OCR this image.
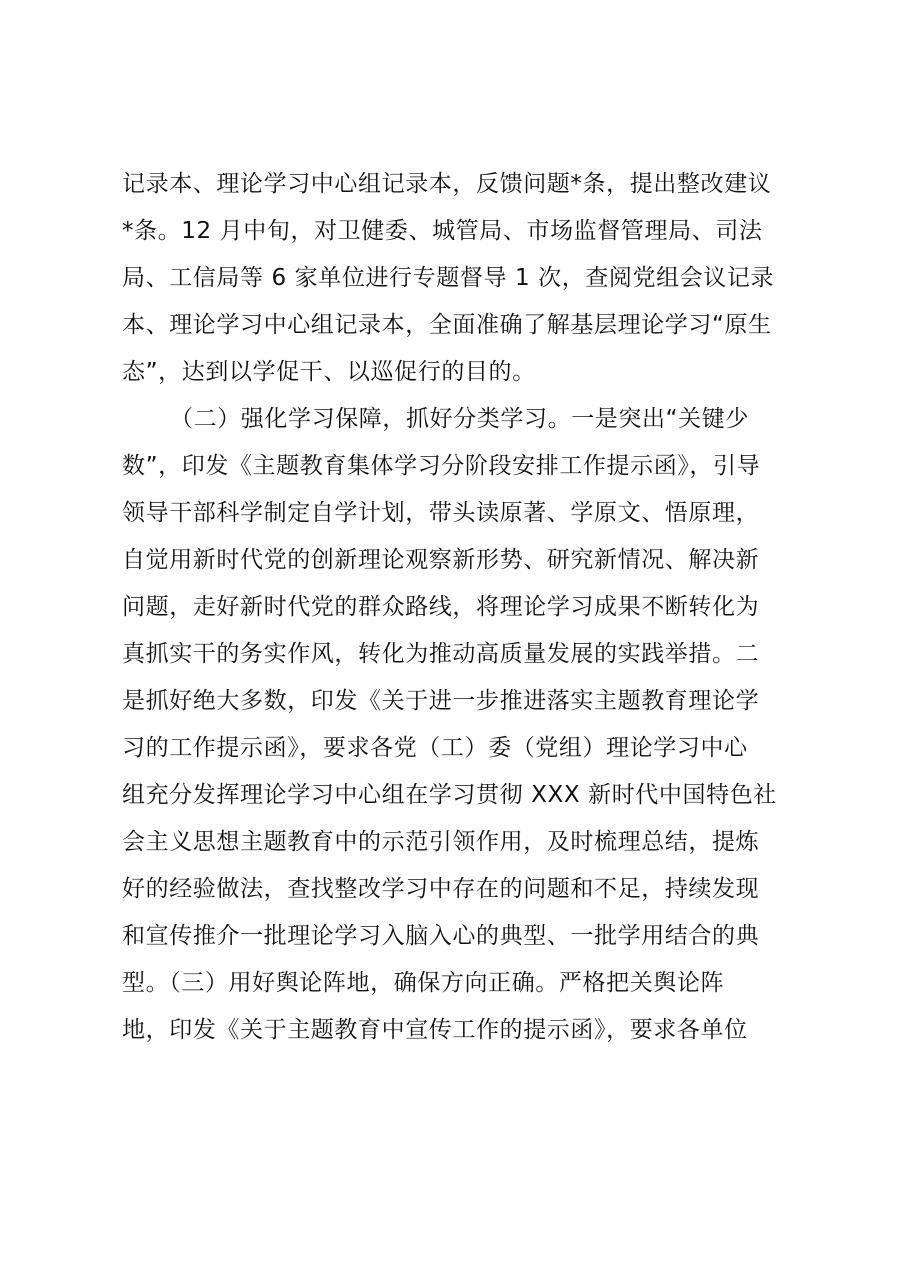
记录本、理论学习中心组记录本，反馈问题*条，提出整改建议
*条。12 月中旬，对卫健委、城管局、市场监督管理局、司法
局、工信局等 6 家单位进行专题督导 1 次，查阅党组会议记录
本、理论学习中心组记录本，全面准确了解基层理论学习“原生
态”，达到以学促干、以巡促行的目的。
（二）强化学习保障，抓好分类学习。一是突出“关键少
数”，印发《主题教育集体学习分阶段安排工作提示函》，引导
领导干部科学制定自学计划，带头读原著、学原文、悟原理，
自觉用新时代党的创新理论观察新形势、研究新情况、解决新
问题，走好新时代党的群众路线，将理论学习成果不断转化为
真抓实干的务实作风，转化为推动高质量发展的实践举措。二
是抓好绝大多数，印发《关于进一步推进落实主题教育理论学
习的工作提示函》，要求各党（工）委（党组）理论学习中心
组充分发挥理论学习中心组在学习贯彻 XXX 新时代中国特色社
会主义思想主题教育中的示范引领作用，及时梳理总结，提炼
好的经验做法，查找整改学习中存在的问题和不足，持续发现
和宣传推介一批理论学习入脑入心的典型、一批学用结合的典
型。（三）用好舆论阵地，确保方向正确。严格把关舆论阵
地，印发《关于主题教育中宣传工作的提示函》，要求各单位
